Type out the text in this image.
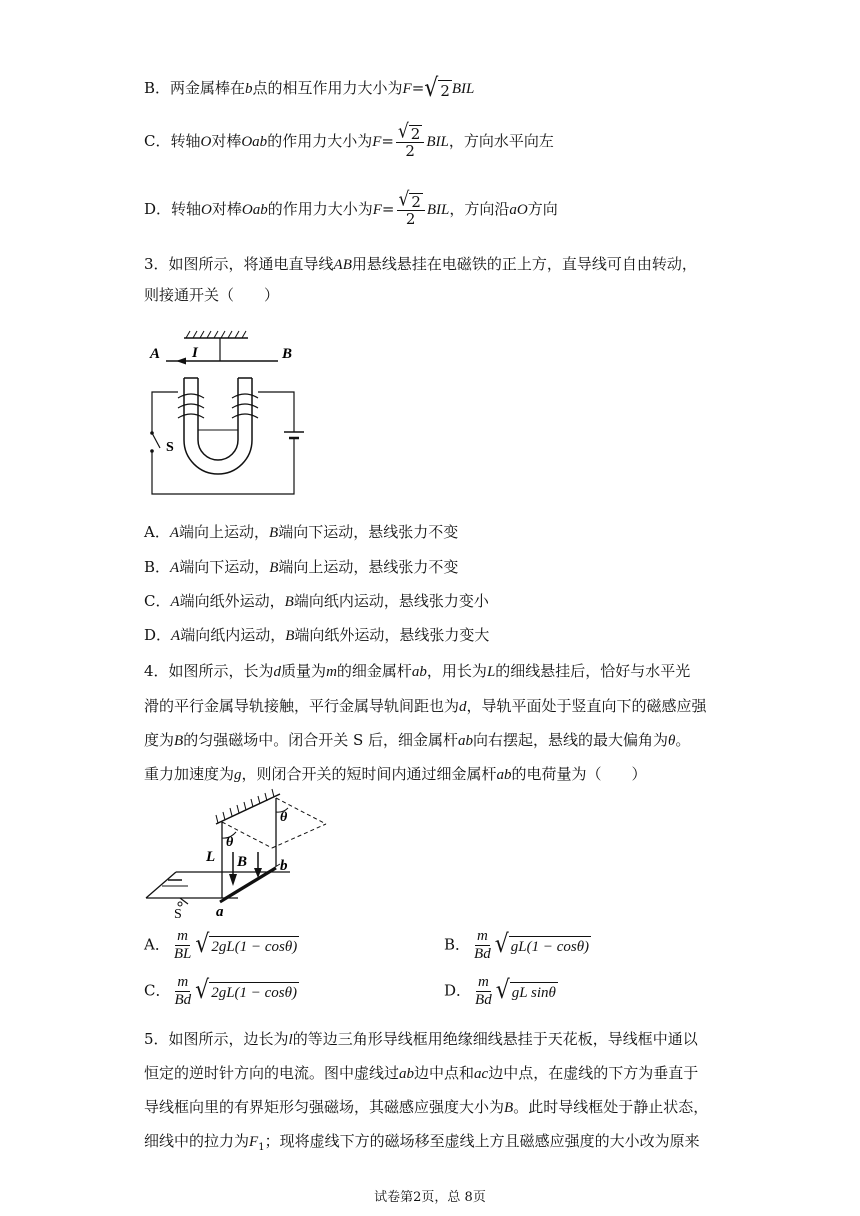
B．两金属棒在b点的相互作用力大小为F= √ 2 BIL
C．转轴O对棒Oab的作用力大小为$F= \frac{√ 2}{2}$ BIL，方向水平向左
D．转轴O对棒Oab的作用力大小为$F= \frac{√ 2}{2}$ BIL，方向沿aO方向
3．如图所示，将通电直导线AB用悬线悬挂在电磁铁的正上方，直导线可自由转动，
则接通开关（　　）
A I	B
S
A．A端向上运动，B端向下运动，悬线张力不变
B．A端向下运动，B端向上运动，悬线张力不变
C．A端向纸外运动，B端向纸内运动，悬线张力变小
D．A端向纸内运动，B端向纸外运动，悬线张力变大
4．如图所示，长为d质量为m的细金属杆ab，用长为L的细线悬挂后，恰好与水平光
滑的平行金属导轨接触，平行金属导轨间距也为d，导轨平面处于竖直向下的磁感应强
度为B的匀强磁场中。闭合开关 S 后，细金属杆ab向右摆起，悬线的最大偏角为θ。
重力加速度为g，则闭合开关的短时间内通过细金属杆ab的电荷量为（　　）
θ
θ
L B b
S a
A． $\frac{m}{BL}$ √ 2gL(1 − cosθ)	B． $\frac{m}{Bd}$ √ gL(1 − cosθ)
C． $\frac{m}{Bd}$ √ 2gL(1 − cosθ)	D． $\frac{m}{Bd}$ √ gL sinθ
5．如图所示，边长为l的等边三角形导线框用绝缘细线悬挂于天花板，导线框中通以
恒定的逆时针方向的电流。图中虚线过ab边中点和ac边中点，在虚线的下方为垂直于
导线框向里的有界矩形匀强磁场，其磁感应强度大小为B。此时导线框处于静止状态，
细线中的拉力为$F_1$；现将虚线下方的磁场移至虚线上方且磁感应强度的大小改为原来
试卷第2页，总 8页
